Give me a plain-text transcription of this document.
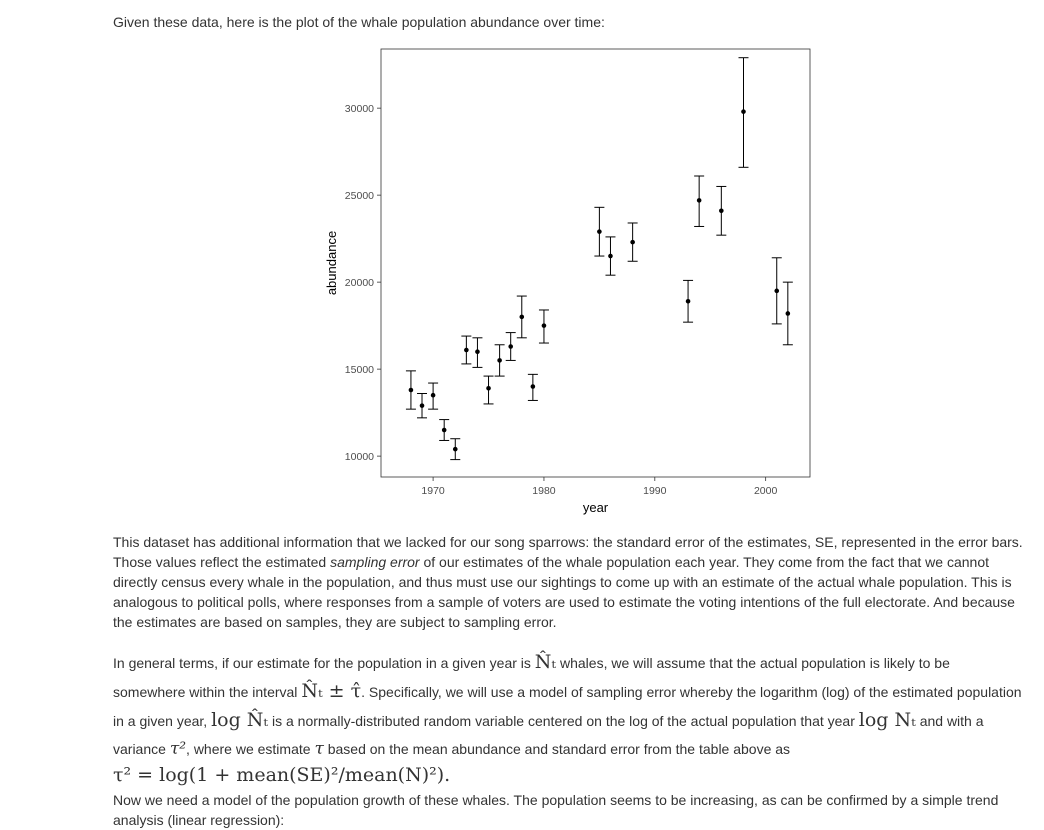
Given these data, here is the plot of the whale population abundance over time:

10000
15000
20000
25000
30000
1970	1980	1990	2000
year
abundance

This dataset has additional information that we lacked for our song sparrows: the standard error of the estimates, SE, represented in the error bars. Those values reflect the estimated sampling error of our estimates of the whale population each year. They come from the fact that we cannot directly census every whale in the population, and thus must use our sightings to come up with an estimate of the actual whale population. This is analogous to political polls, where responses from a sample of voters are used to estimate the voting intentions of the full electorate. And because the estimates are based on samples, they are subject to sampling error.

In general terms, if our estimate for the population in a given year is N̂ₜ whales, we will assume that the actual population is likely to be somewhere within the interval N̂ₜ ± τ̂. Specifically, we will use a model of sampling error whereby the logarithm (log) of the estimated population in a given year, log N̂ₜ is a normally-distributed random variable centered on the log of the actual population that year log Nₜ and with a variance τ², where we estimate τ based on the mean abundance and standard error from the table above as
τ² = log(1 + mean(SE)²/mean(N)²).

Now we need a model of the population growth of these whales. The population seems to be increasing, as can be confirmed by a simple trend analysis (linear regression):
